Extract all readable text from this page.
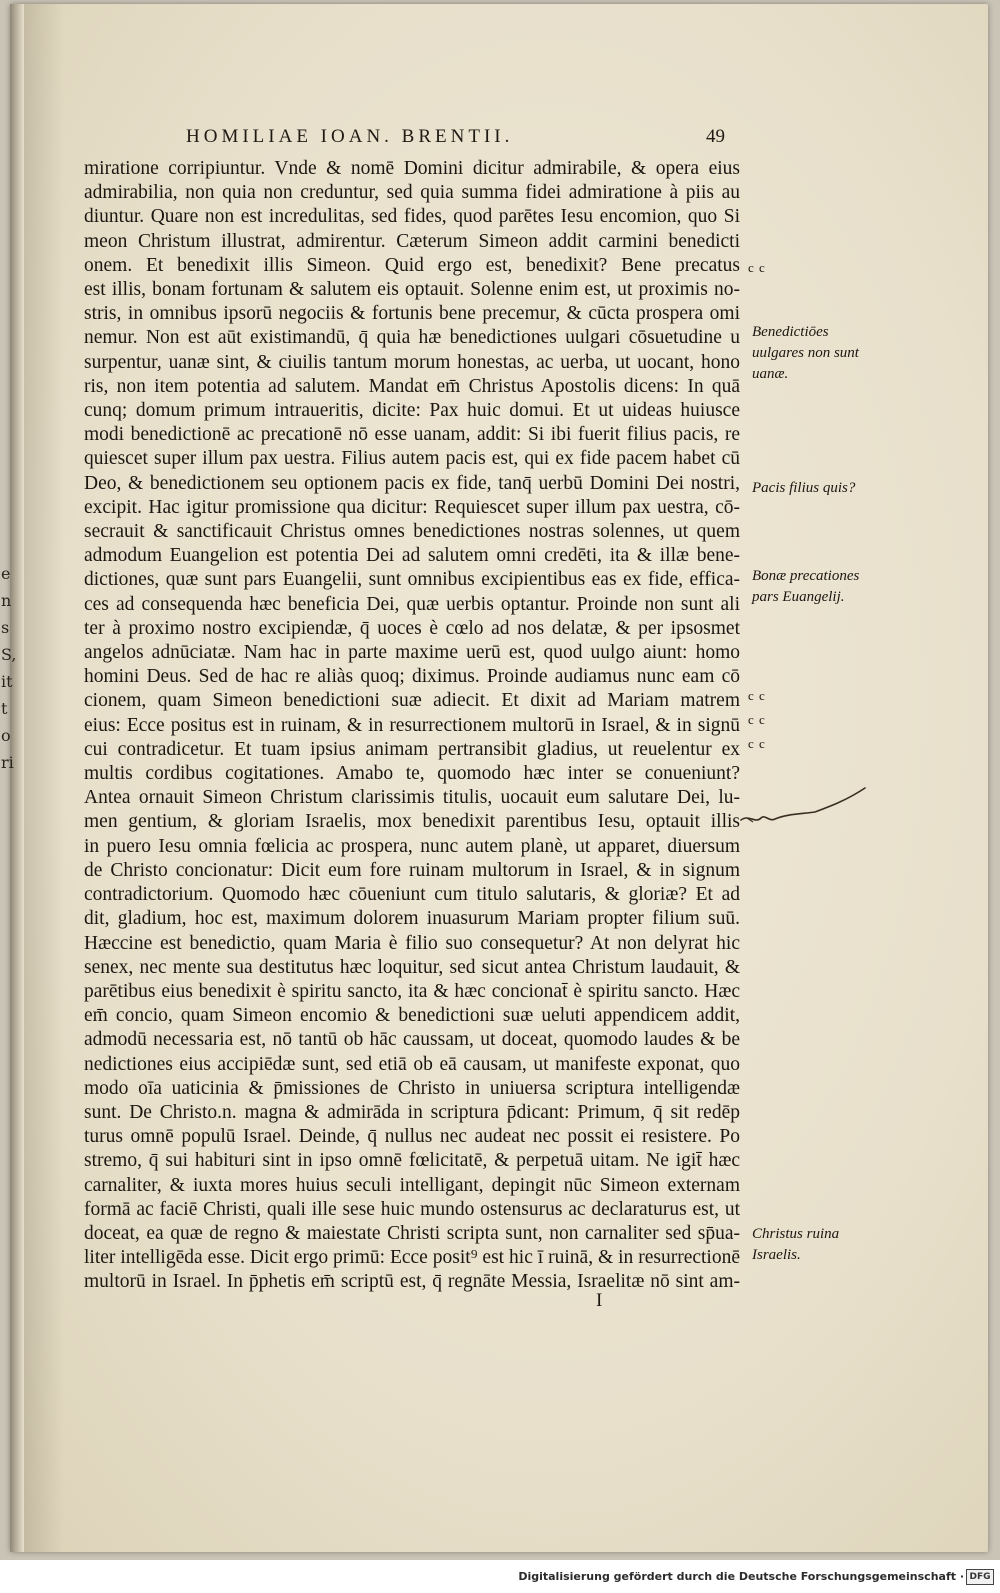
e
n
s
S,
it
t
o
ri
HOMILIAE IOAN. BRENTII.	49
miratione corripiuntur. Vnde & nomē Domini dicitur admirabile, & opera eius
admirabilia, non quia non creduntur, sed quia summa fidei admiratione à piis au
diuntur. Quare non est incredulitas, sed fides, quod parētes Iesu encomion, quo Si
meon Christum illustrat, admirentur. Cæterum Simeon addit carmini benedicti
onem. Et benedixit illis Simeon. Quid ergo est, benedixit? Bene precatus
est illis, bonam fortunam & salutem eis optauit. Solenne enim est, ut proximis no-
stris, in omnibus ipsorū negociis & fortunis bene precemur, & cūcta prospera omi
nemur. Non est aūt existimandū, q̄ quia hæ benedictiones uulgari cōsuetudine u
surpentur, uanæ sint, & ciuilis tantum morum honestas, ac uerba, ut uocant, hono
ris, non item potentia ad salutem. Mandat em̄ Christus Apostolis dicens: In quā
cunq; domum primum intraueritis, dicite: Pax huic domui. Et ut uideas huiusce
modi benedictionē ac precationē nō esse uanam, addit: Si ibi fuerit filius pacis, re
quiescet super illum pax uestra. Filius autem pacis est, qui ex fide pacem habet cū
Deo, & benedictionem seu optionem pacis ex fide, tanq̄ uerbū Domini Dei nostri,
excipit. Hac igitur promissione qua dicitur: Requiescet super illum pax uestra, cō-
secrauit & sanctificauit Christus omnes benedictiones nostras solennes, ut quem
admodum Euangelion est potentia Dei ad salutem omni credēti, ita & illæ bene-
dictiones, quæ sunt pars Euangelii, sunt omnibus excipientibus eas ex fide, effica-
ces ad consequenda hæc beneficia Dei, quæ uerbis optantur. Proinde non sunt ali
ter à proximo nostro excipiendæ, q̄ uoces è cœlo ad nos delatæ, & per ipsosmet
angelos adnūciatæ. Nam hac in parte maxime uerū est, quod uulgo aiunt: homo
homini Deus. Sed de hac re aliàs quoq; diximus. Proinde audiamus nunc eam cō
cionem, quam Simeon benedictioni suæ adiecit. Et dixit ad Mariam matrem
eius: Ecce positus est in ruinam, & in resurrectionem multorū in Israel, & in signū
cui contradicetur. Et tuam ipsius animam pertransibit gladius, ut reuelentur ex
multis cordibus cogitationes. Amabo te, quomodo hæc inter se conueniunt?
Antea ornauit Simeon Christum clarissimis titulis, uocauit eum salutare Dei, lu-
men gentium, & gloriam Israelis, mox benedixit parentibus Iesu, optauit illis
in puero Iesu omnia fœlicia ac prospera, nunc autem planè, ut apparet, diuersum
de Christo concionatur: Dicit eum fore ruinam multorum in Israel, & in signum
contradictorium. Quomodo hæc cōueniunt cum titulo salutaris, & gloriæ? Et ad
dit, gladium, hoc est, maximum dolorem inuasurum Mariam propter filium suū.
Hæccine est benedictio, quam Maria è filio suo consequetur? At non delyrat hic
senex, nec mente sua destitutus hæc loquitur, sed sicut antea Christum laudauit, &
parētibus eius benedixit è spiritu sancto, ita & hæc concionat̄ è spiritu sancto. Hæc
em̄ concio, quam Simeon encomio & benedictioni suæ ueluti appendicem addit,
admodū necessaria est, nō tantū ob hāc caussam, ut doceat, quomodo laudes & be
nedictiones eius accipiēdæ sunt, sed etiā ob eā causam, ut manifeste exponat, quo
modo oīa uaticinia & p̄missiones de Christo in uniuersa scriptura intelligendæ
sunt. De Christo.n. magna & admirāda in scriptura p̄dicant: Primum, q̄ sit redēp
turus omnē populū Israel. Deinde, q̄ nullus nec audeat nec possit ei resistere. Po
stremo, q̄ sui habituri sint in ipso omnē fœlicitatē, & perpetuā uitam. Ne igit̄ hæc
carnaliter, & iuxta mores huius seculi intelligant, depingit nūc Simeon externam
formā ac faciē Christi, quali ille sese huic mundo ostensurus ac declaraturus est, ut
doceat, ea quæ de regno & maiestate Christi scripta sunt, non carnaliter sed sp̄ua-
liter intelligēda esse. Dicit ergo primū: Ecce posit⁹ est hic ī ruinā, & in resurrectionē
multorū in Israel. In p̄phetis em̄ scriptū est, q̄ regnāte Messia, Israelitæ nō sint am-
c c
c c
c c
c c
Benedictiōes uulgares non sunt uanæ.
Pacis filius quis?
Bonæ precationes pars Euangelij.
Christus ruina Israelis.
I
Digitalisierung gefördert durch die Deutsche Forschungsgemeinschaft · DFG
